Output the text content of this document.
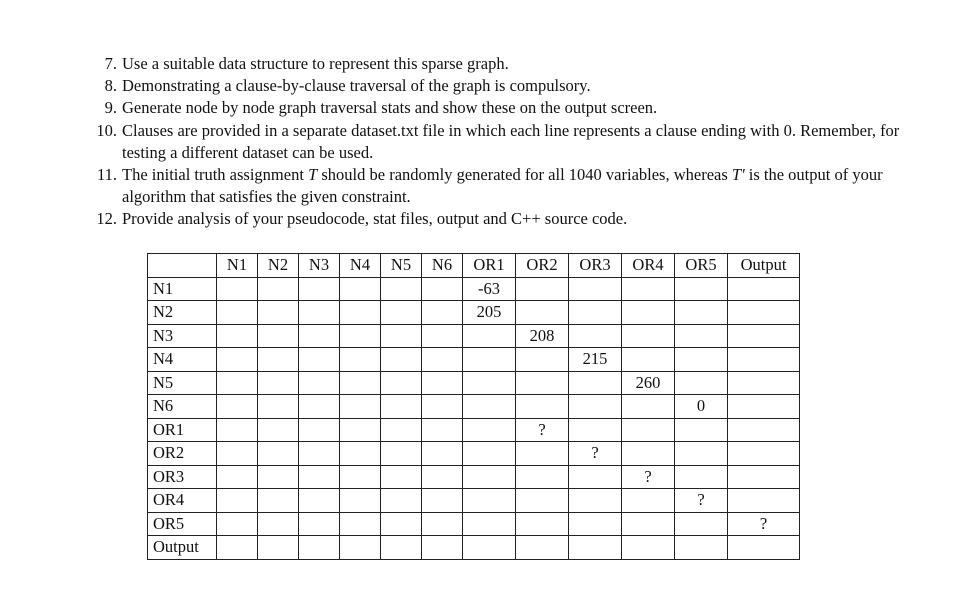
7 . Use a suitable data structure to represent this sparse graph.
8 . Demonstrating a clause-by-clause traversal of the graph is compulsory.
9 . Generate node by node graph traversal stats and show these on the output screen.
10 . Clauses are provided in a separate dataset.txt file in which each line represents a clause ending with 0. Remember, for testing a different dataset can be used.
11 . The initial truth assignment T should be randomly generated for all 1040 variables, whereas T' is the output of your algorithm that satisfies the given constraint.
12 . Provide analysis of your pseudocode, stat files, output and C++ source code.
	N1	N2	N3	N4	N5	N6	OR1	OR2	OR3	OR4	OR5	Output
N1							-63					
N2							205					
N3								208				
N4									215			
N5										260		
N6											0	
OR1								?				
OR2									?			
OR3										?		
OR4											?	
OR5												?
Output												
